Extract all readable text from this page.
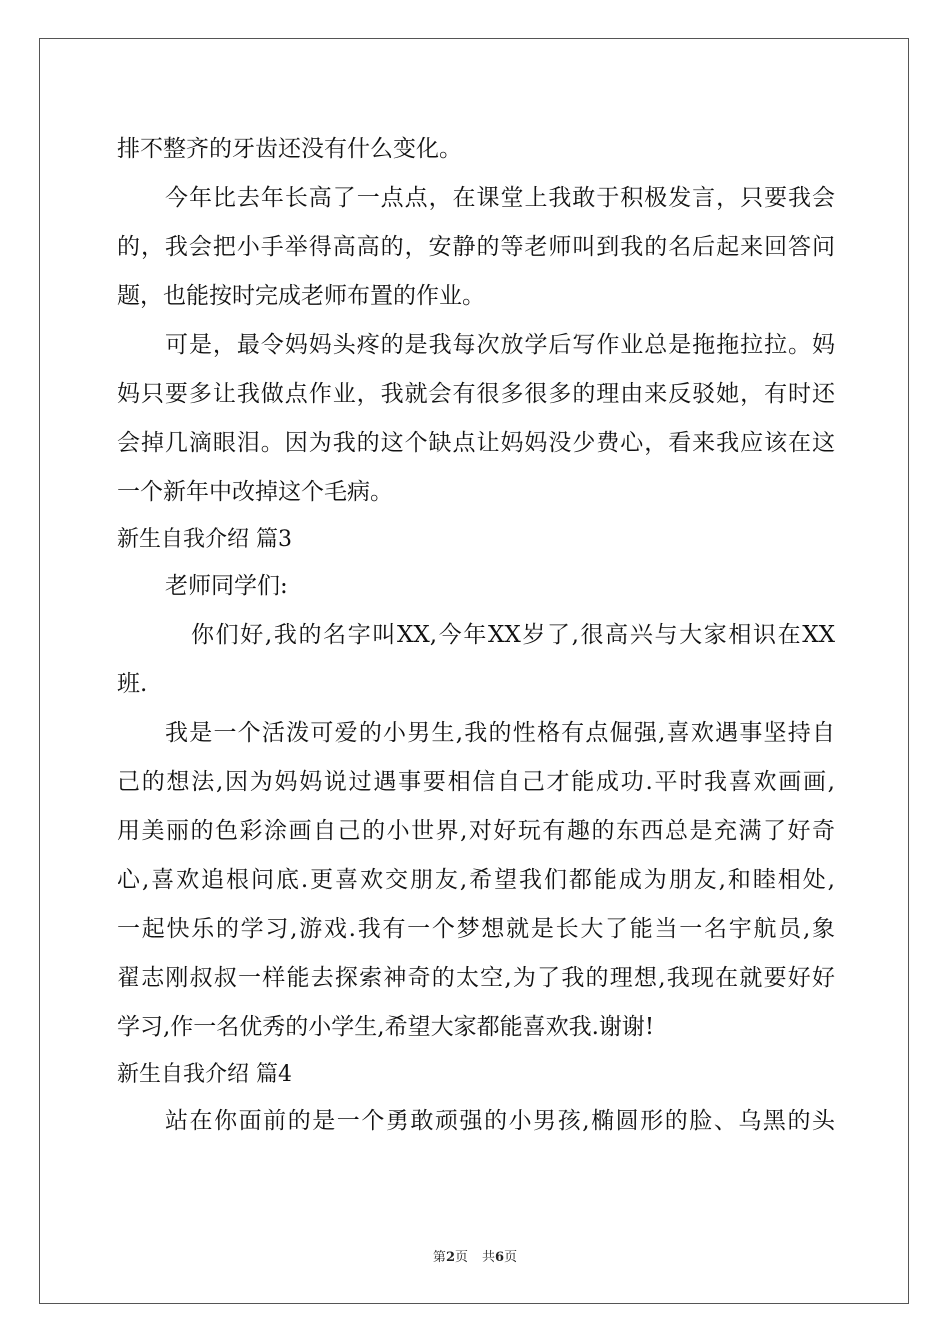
排不整齐的牙齿还没有什么变化。
今年比去年长高了一点点，在课堂上我敢于积极发言，只要我会
的，我会把小手举得高高的，安静的等老师叫到我的名后起来回答问
题，也能按时完成老师布置的作业。
可是，最令妈妈头疼的是我每次放学后写作业总是拖拖拉拉。妈
妈只要多让我做点作业，我就会有很多很多的理由来反驳她，有时还
会掉几滴眼泪。因为我的这个缺点让妈妈没少费心，看来我应该在这
一个新年中改掉这个毛病。
新生自我介绍 篇3
老师同学们:
你们好,我的名字叫XX,今年XX岁了,很高兴与大家相识在XX
班.
我是一个活泼可爱的小男生,我的性格有点倔强,喜欢遇事坚持自
己的想法,因为妈妈说过遇事要相信自己才能成功.平时我喜欢画画,
用美丽的色彩涂画自己的小世界,对好玩有趣的东西总是充满了好奇
心,喜欢追根问底.更喜欢交朋友,希望我们都能成为朋友,和睦相处,
一起快乐的学习,游戏.我有一个梦想就是长大了能当一名宇航员,象
翟志刚叔叔一样能去探索神奇的太空,为了我的理想,我现在就要好好
学习,作一名优秀的小学生,希望大家都能喜欢我.谢谢!
新生自我介绍 篇4
站在你面前的是一个勇敢顽强的小男孩,椭圆形的脸、乌黑的头
第2页 共6页
